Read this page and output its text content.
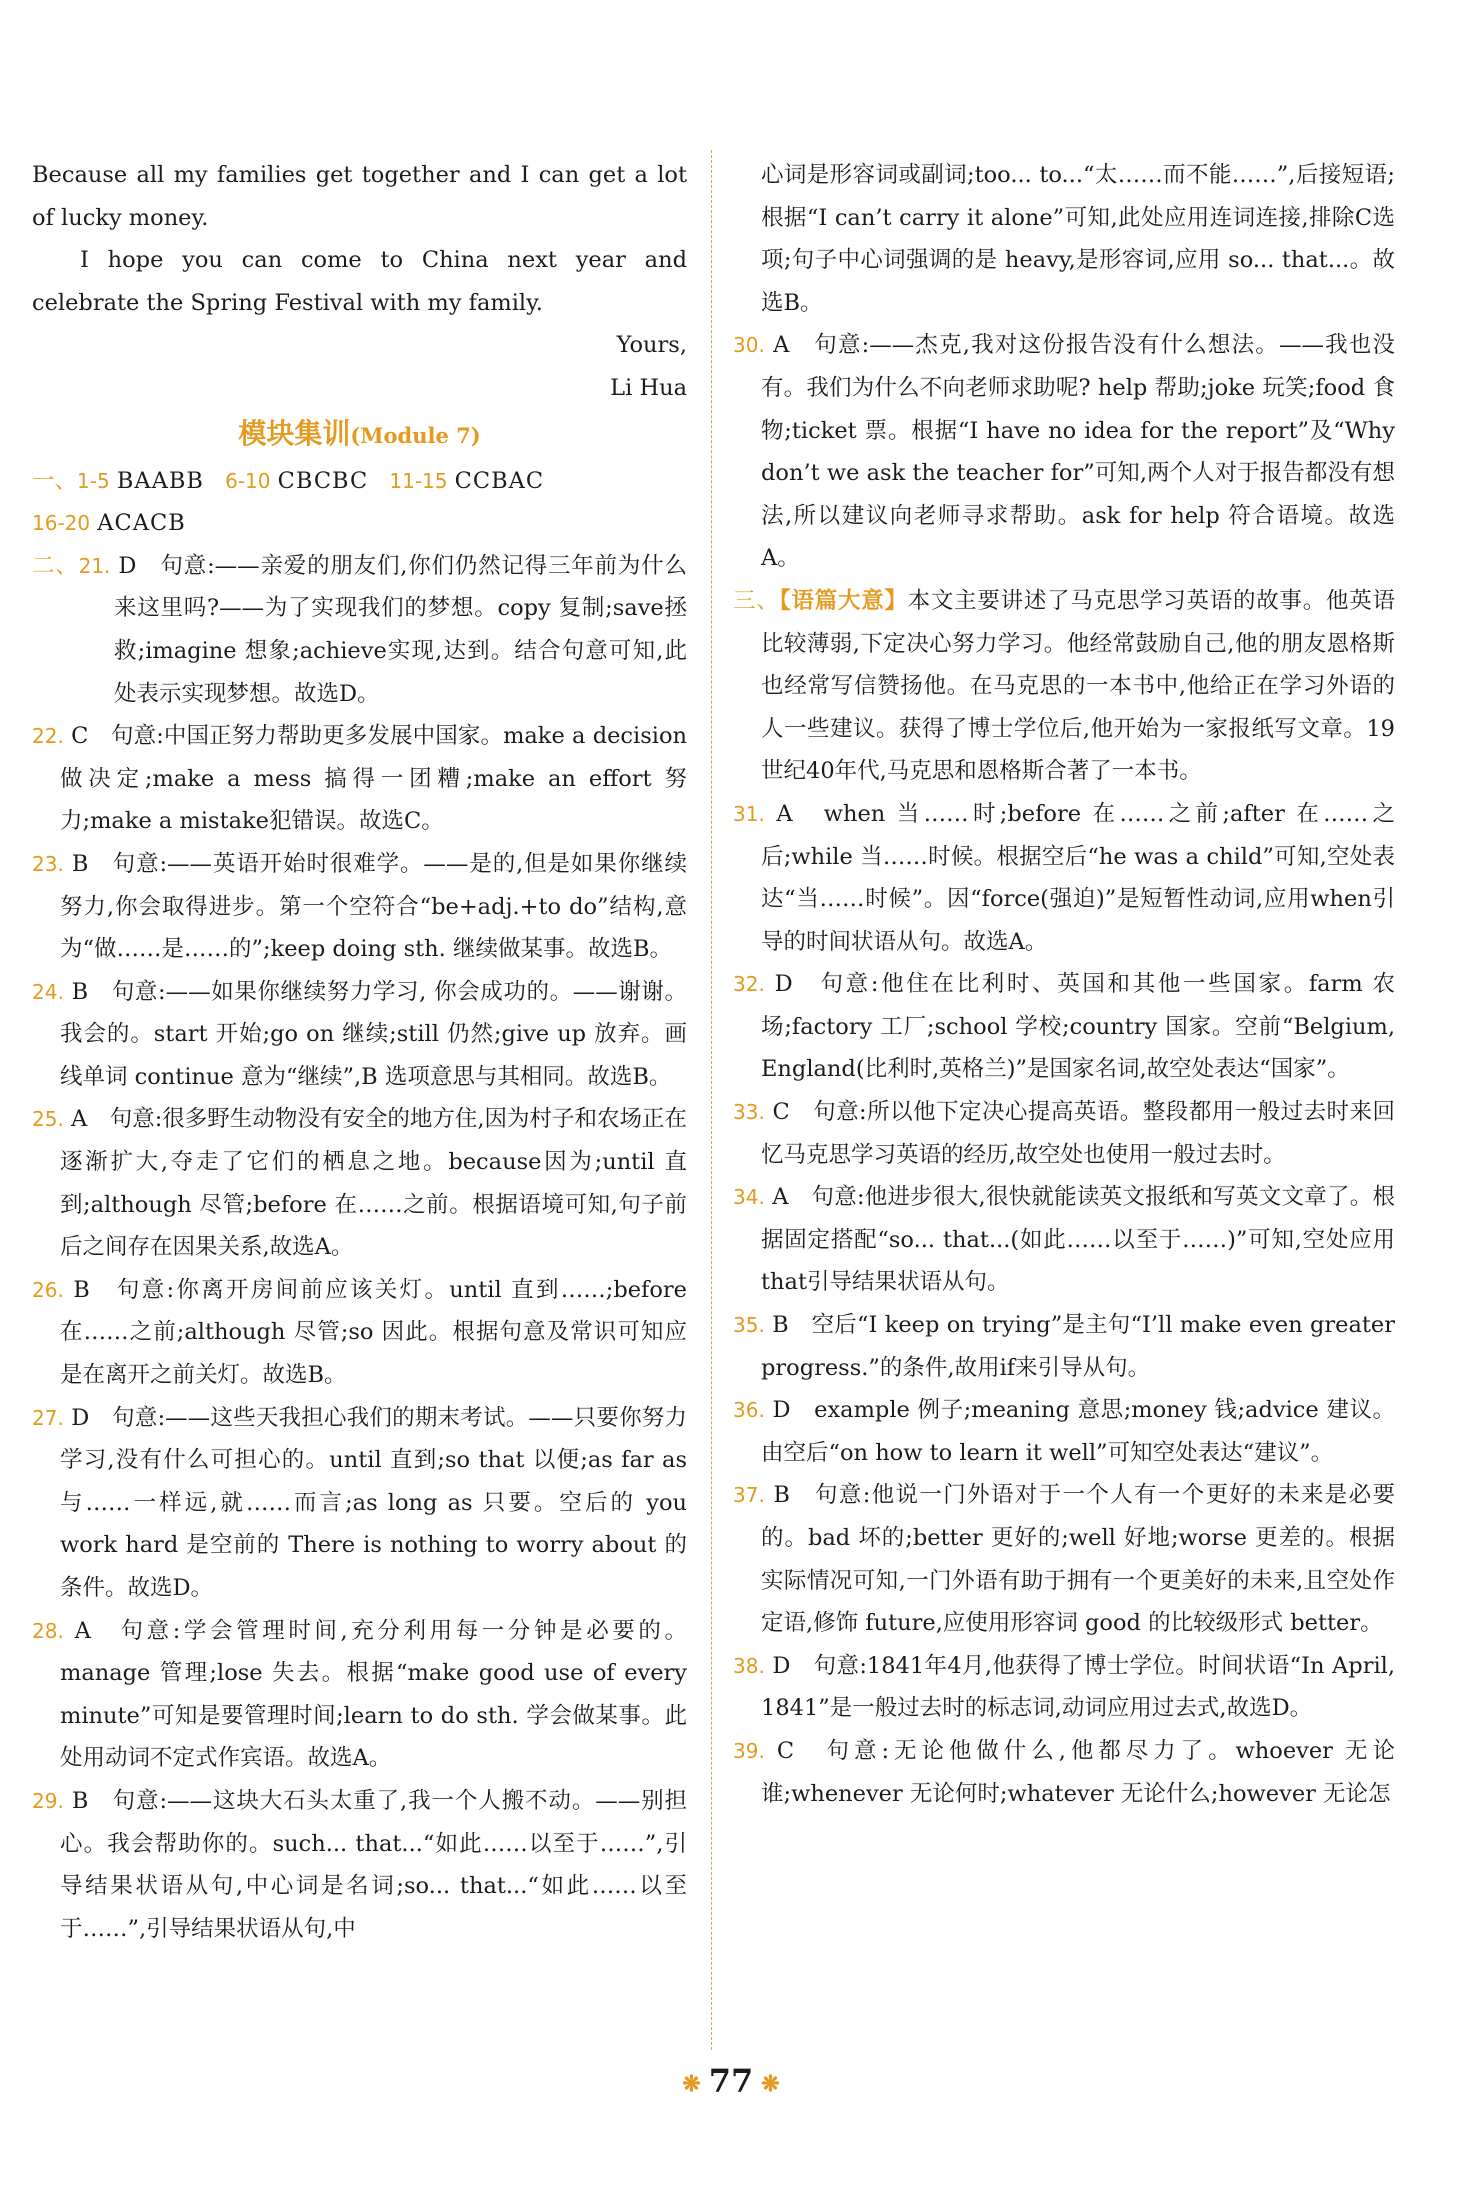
Because all my families get together and I can get a lot of lucky money.

I hope you can come to China next year and celebrate the Spring Festival with my family.

Yours,

Li Hua

模块集训(Module 7)
一、1-5 BAABB 6-10 CBCBC 11-15 CCBAC
16-20 ACACB
二、21. D　句意:——亲爱的朋友们,你们仍然记得三年前为什么来这里吗?——为了实现我们的梦想。copy 复制;save拯救;imagine 想象;achieve实现,达到。结合句意可知,此处表示实现梦想。故选D。
22. C　句意:中国正努力帮助更多发展中国家。make a decision 做决定;make a mess 搞得一团糟;make an effort 努力;make a mistake犯错误。故选C。
23. B　句意:——英语开始时很难学。——是的,但是如果你继续努力,你会取得进步。第一个空符合“be+adj.+to do”结构,意为“做……是……的”;keep doing sth. 继续做某事。故选B。
24. B　句意:——如果你继续努力学习, 你会成功的。——谢谢。我会的。start 开始;go on 继续;still 仍然;give up 放弃。画线单词 continue 意为“继续”,B 选项意思与其相同。故选B。
25. A　句意:很多野生动物没有安全的地方住,因为村子和农场正在逐渐扩大,夺走了它们的栖息之地。because因为;until 直到;although 尽管;before 在……之前。根据语境可知,句子前后之间存在因果关系,故选A。
26. B　句意:你离开房间前应该关灯。until 直到……;before 在……之前;although 尽管;so 因此。根据句意及常识可知应是在离开之前关灯。故选B。
27. D　句意:——这些天我担心我们的期末考试。——只要你努力学习,没有什么可担心的。until 直到;so that 以便;as far as 与……一样远,就……而言;as long as 只要。空后的 you work hard 是空前的 There is nothing to worry about 的条件。故选D。
28. A　句意:学会管理时间,充分利用每一分钟是必要的。manage 管理;lose 失去。根据“make good use of every minute”可知是要管理时间;learn to do sth. 学会做某事。此处用动词不定式作宾语。故选A。
29. B　句意:——这块大石头太重了,我一个人搬不动。——别担心。我会帮助你的。such... that...“如此……以至于……”,引导结果状语从句,中心词是名词;so... that...“如此……以至于……”,引导结果状语从句,中

心词是形容词或副词;too... to...“太……而不能……”,后接短语;根据“I can’t carry it alone”可知,此处应用连词连接,排除C选项;句子中心词强调的是 heavy,是形容词,应用 so... that...。故选B。

30. A　句意:——杰克,我对这份报告没有什么想法。——我也没有。我们为什么不向老师求助呢? help 帮助;joke 玩笑;food 食物;ticket 票。根据“I have no idea for the report”及“Why don’t we ask the teacher for”可知,两个人对于报告都没有想法,所以建议向老师寻求帮助。ask for help 符合语境。故选A。
三、【语篇大意】本文主要讲述了马克思学习英语的故事。他英语比较薄弱,下定决心努力学习。他经常鼓励自己,他的朋友恩格斯也经常写信赞扬他。在马克思的一本书中,他给正在学习外语的人一些建议。获得了博士学位后,他开始为一家报纸写文章。19世纪40年代,马克思和恩格斯合著了一本书。
31. A　when 当……时;before 在……之前;after 在……之后;while 当……时候。根据空后“he was a child”可知,空处表达“当……时候”。因“force(强迫)”是短暂性动词,应用when引导的时间状语从句。故选A。
32. D　句意:他住在比利时、英国和其他一些国家。farm 农场;factory 工厂;school 学校;country 国家。空前“Belgium, England(比利时,英格兰)”是国家名词,故空处表达“国家”。
33. C　句意:所以他下定决心提高英语。整段都用一般过去时来回忆马克思学习英语的经历,故空处也使用一般过去时。
34. A　句意:他进步很大,很快就能读英文报纸和写英文文章了。根据固定搭配“so... that...(如此……以至于……)”可知,空处应用that引导结果状语从句。
35. B　空后“I keep on trying”是主句“I’ll make even greater progress.”的条件,故用if来引导从句。
36. D　example 例子;meaning 意思;money 钱;advice 建议。由空后“on how to learn it well”可知空处表达“建议”。
37. B　句意:他说一门外语对于一个人有一个更好的未来是必要的。bad 坏的;better 更好的;well 好地;worse 更差的。根据实际情况可知,一门外语有助于拥有一个更美好的未来,且空处作定语,修饰 future,应使用形容词 good 的比较级形式 better。
38. D　句意:1841年4月,他获得了博士学位。时间状语“In April, 1841”是一般过去时的标志词,动词应用过去式,故选D。
39. C　句意:无论他做什么,他都尽力了。whoever 无论谁;whenever 无论何时;whatever 无论什么;however 无论怎
❋ 77 ❋
